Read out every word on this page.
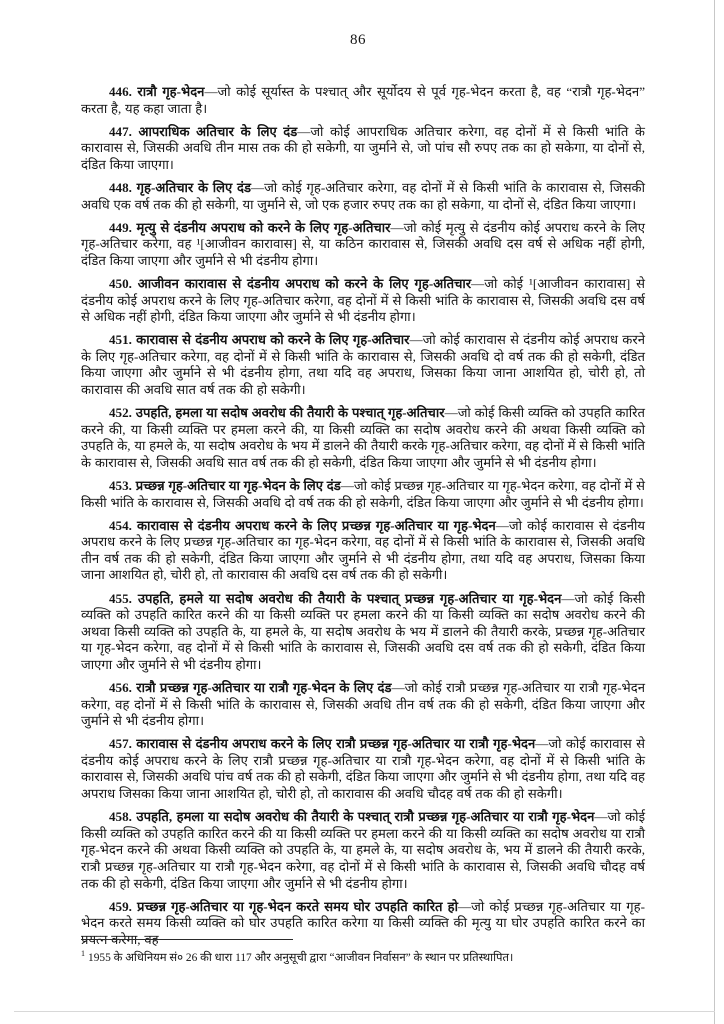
86

446. रात्रौ गृह-भेदन—जो कोई सूर्यास्त के पश्चात् और सूर्योदय से पूर्व गृह-भेदन करता है, वह “रात्रौ गृह-भेदन” करता है, यह कहा जाता है।

447. आपराधिक अतिचार के लिए दंड—जो कोई आपराधिक अतिचार करेगा, वह दोनों में से किसी भांति के कारावास से, जिसकी अवधि तीन मास तक की हो सकेगी, या जुर्माने से, जो पांच सौ रुपए तक का हो सकेगा, या दोनों से, दंडित किया जाएगा।

448. गृह-अतिचार के लिए दंड—जो कोई गृह-अतिचार करेगा, वह दोनों में से किसी भांति के कारावास से, जिसकी अवधि एक वर्ष तक की हो सकेगी, या जुर्माने से, जो एक हजार रुपए तक का हो सकेगा, या दोनों से, दंडित किया जाएगा।

449. मृत्यु से दंडनीय अपराध को करने के लिए गृह-अतिचार—जो कोई मृत्यु से दंडनीय कोई अपराध करने के लिए गृह-अतिचार करेगा, वह ¹[आजीवन कारावास] से, या कठिन कारावास से, जिसकी अवधि दस वर्ष से अधिक नहीं होगी, दंडित किया जाएगा और जुर्माने से भी दंडनीय होगा।

450. आजीवन कारावास से दंडनीय अपराध को करने के लिए गृह-अतिचार—जो कोई ¹[आजीवन कारावास] से दंडनीय कोई अपराध करने के लिए गृह-अतिचार करेगा, वह दोनों में से किसी भांति के कारावास से, जिसकी अवधि दस वर्ष से अधिक नहीं होगी, दंडित किया जाएगा और जुर्माने से भी दंडनीय होगा।

451. कारावास से दंडनीय अपराध को करने के लिए गृह-अतिचार—जो कोई कारावास से दंडनीय कोई अपराध करने के लिए गृह-अतिचार करेगा, वह दोनों में से किसी भांति के कारावास से, जिसकी अवधि दो वर्ष तक की हो सकेगी, दंडित किया जाएगा और जुर्माने से भी दंडनीय होगा, तथा यदि वह अपराध, जिसका किया जाना आशयित हो, चोरी हो, तो कारावास की अवधि सात वर्ष तक की हो सकेगी।

452. उपहति, हमला या सदोष अवरोध की तैयारी के पश्चात् गृह-अतिचार—जो कोई किसी व्यक्ति को उपहति कारित करने की, या किसी व्यक्ति पर हमला करने की, या किसी व्यक्ति का सदोष अवरोध करने की अथवा किसी व्यक्ति को उपहति के, या हमले के, या सदोष अवरोध के भय में डालने की तैयारी करके गृह-अतिचार करेगा, वह दोनों में से किसी भांति के कारावास से, जिसकी अवधि सात वर्ष तक की हो सकेगी, दंडित किया जाएगा और जुर्माने से भी दंडनीय होगा।

453. प्रच्छन्न गृह-अतिचार या गृह-भेदन के लिए दंड—जो कोई प्रच्छन्न गृह-अतिचार या गृह-भेदन करेगा, वह दोनों में से किसी भांति के कारावास से, जिसकी अवधि दो वर्ष तक की हो सकेगी, दंडित किया जाएगा और जुर्माने से भी दंडनीय होगा।

454. कारावास से दंडनीय अपराध करने के लिए प्रच्छन्न गृह-अतिचार या गृह-भेदन—जो कोई कारावास से दंडनीय अपराध करने के लिए प्रच्छन्न गृह-अतिचार का गृह-भेदन करेगा, वह दोनों में से किसी भांति के कारावास से, जिसकी अवधि तीन वर्ष तक की हो सकेगी, दंडित किया जाएगा और जुर्माने से भी दंडनीय होगा, तथा यदि वह अपराध, जिसका किया जाना आशयित हो, चोरी हो, तो कारावास की अवधि दस वर्ष तक की हो सकेगी।

455. उपहति, हमले या सदोष अवरोध की तैयारी के पश्चात् प्रच्छन्न गृह-अतिचार या गृह-भेदन—जो कोई किसी व्यक्ति को उपहति कारित करने की या किसी व्यक्ति पर हमला करने की या किसी व्यक्ति का सदोष अवरोध करने की अथवा किसी व्यक्ति को उपहति के, या हमले के, या सदोष अवरोध के भय में डालने की तैयारी करके, प्रच्छन्न गृह-अतिचार या गृह-भेदन करेगा, वह दोनों में से किसी भांति के कारावास से, जिसकी अवधि दस वर्ष तक की हो सकेगी, दंडित किया जाएगा और जुर्माने से भी दंडनीय होगा।

456. रात्रौ प्रच्छन्न गृह-अतिचार या रात्रौ गृह-भेदन के लिए दंड—जो कोई रात्रौ प्रच्छन्न गृह-अतिचार या रात्रौ गृह-भेदन करेगा, वह दोनों में से किसी भांति के कारावास से, जिसकी अवधि तीन वर्ष तक की हो सकेगी, दंडित किया जाएगा और जुर्माने से भी दंडनीय होगा।

457. कारावास से दंडनीय अपराध करने के लिए रात्रौ प्रच्छन्न गृह-अतिचार या रात्रौ गृह-भेदन—जो कोई कारावास से दंडनीय कोई अपराध करने के लिए रात्रौ प्रच्छन्न गृह-अतिचार या रात्रौ गृह-भेदन करेगा, वह दोनों में से किसी भांति के कारावास से, जिसकी अवधि पांच वर्ष तक की हो सकेगी, दंडित किया जाएगा और जुर्माने से भी दंडनीय होगा, तथा यदि वह अपराध जिसका किया जाना आशयित हो, चोरी हो, तो कारावास की अवधि चौदह वर्ष तक की हो सकेगी।

458. उपहति, हमला या सदोष अवरोध की तैयारी के पश्चात् रात्रौ प्रच्छन्न गृह-अतिचार या रात्रौ गृह-भेदन—जो कोई किसी व्यक्ति को उपहति कारित करने की या किसी व्यक्ति पर हमला करने की या किसी व्यक्ति का सदोष अवरोध या रात्रौ गृह-भेदन करने की अथवा किसी व्यक्ति को उपहति के, या हमले के, या सदोष अवरोध के, भय में डालने की तैयारी करके, रात्रौ प्रच्छन्न गृह-अतिचार या रात्रौ गृह-भेदन करेगा, वह दोनों में से किसी भांति के कारावास से, जिसकी अवधि चौदह वर्ष तक की हो सकेगी, दंडित किया जाएगा और जुर्माने से भी दंडनीय होगा।

459. प्रच्छन्न गृह-अतिचार या गृह-भेदन करते समय घोर उपहति कारित हो—जो कोई प्रच्छन्न गृह-अतिचार या गृह-भेदन करते समय किसी व्यक्ति को घोर उपहति कारित करेगा या किसी व्यक्ति की मृत्यु या घोर उपहति कारित करने का प्रयत्न करेगा, वह

$^1$ 1955 के अधिनियम सं० 26 की धारा 117 और अनुसूची द्वारा “आजीवन निर्वासन” के स्थान पर प्रतिस्थापित।
